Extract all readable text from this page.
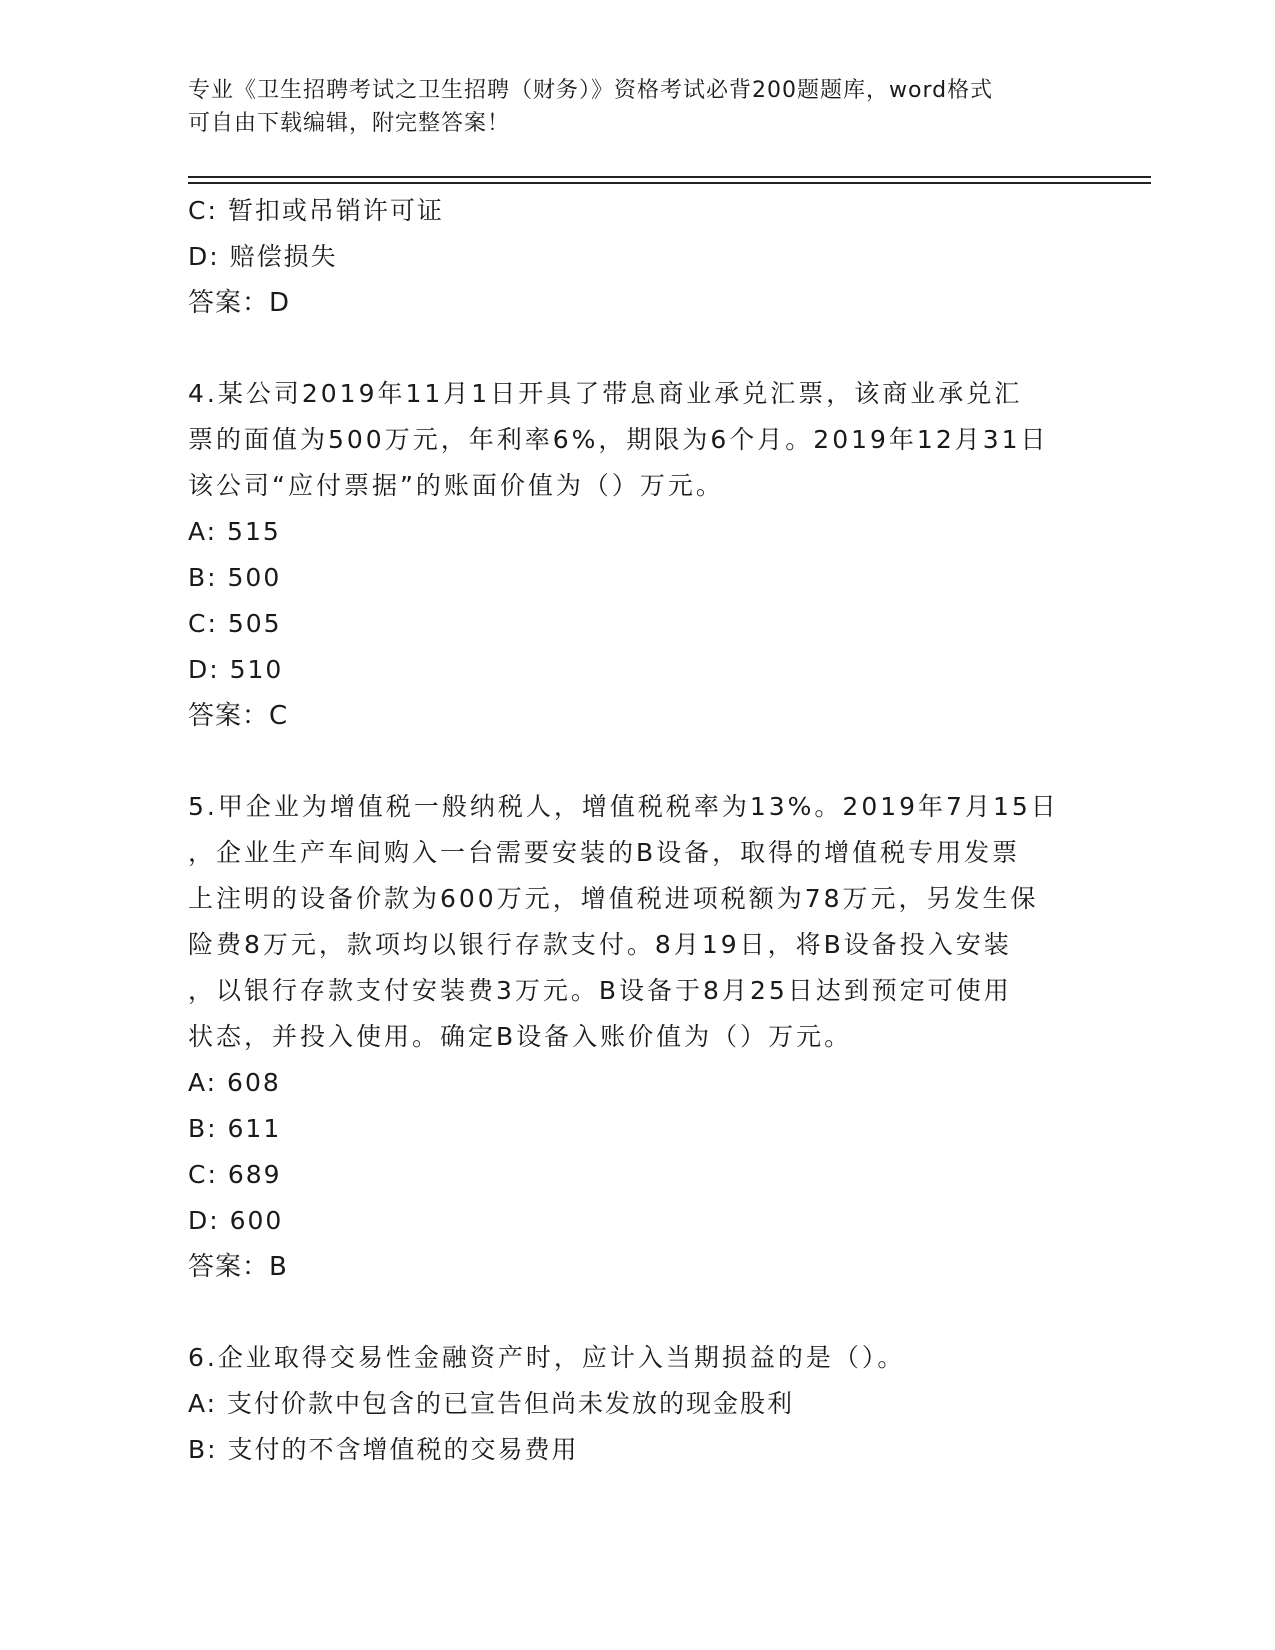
专业《卫生招聘考试之卫生招聘（财务）》资格考试必背200题题库，word格式
可自由下载编辑，附完整答案！
C: 暂扣或吊销许可证
D: 赔偿损失
答案：D
4.某公司2019年11月1日开具了带息商业承兑汇票，该商业承兑汇
票的面值为500万元，年利率6%，期限为6个月。2019年12月31日
该公司“应付票据”的账面价值为（）万元。
A: 515
B: 500
C: 505
D: 510
答案：C
5.甲企业为增值税一般纳税人，增值税税率为13%。2019年7月15日
，企业生产车间购入一台需要安装的B设备，取得的增值税专用发票
上注明的设备价款为600万元，增值税进项税额为78万元，另发生保
险费8万元，款项均以银行存款支付。8月19日，将B设备投入安装
，以银行存款支付安装费3万元。B设备于8月25日达到预定可使用
状态，并投入使用。确定B设备入账价值为（）万元。
A: 608
B: 611
C: 689
D: 600
答案：B
6.企业取得交易性金融资产时，应计入当期损益的是（）。
A: 支付价款中包含的已宣告但尚未发放的现金股利
B: 支付的不含增值税的交易费用
